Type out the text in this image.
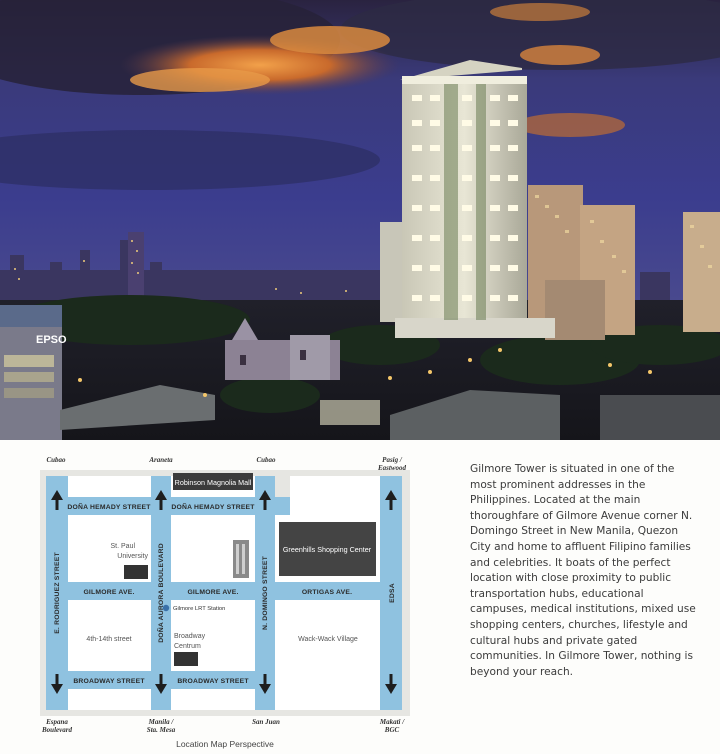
EPSO
Robinson Magnolia Mall
Greenhills Shopping Center
St. Paul
University
Gilmore LRT Station
Broadway
Centrum
4th-14th street	Wack-Wack Village
DOÑA HEMADY STREET	DOÑA HEMADY STREET
GILMORE AVE.	GILMORE AVE.	ORTIGAS AVE.
BROADWAY STREET	BROADWAY STREET
E. RODRIGUEZ STREET	DOÑA AURORA BOULEVARD	N. DOMINGO STREET	EDSA
Cubao	Araneta	Cubao	Pasig /
Eastwood
Espana
Boulevard
Manila /
Sta. Mesa
San Juan	Makati /
BGC
Location Map Perspective

Gilmore Tower is situated in one of the most prominent addresses in the Philippines. Located at the main thoroughfare of Gilmore Avenue corner N. Domingo Street in New Manila, Quezon City and home to affluent Filipino families and celebrities. It boats of the perfect location with close proximity to public transportation hubs, educational campuses, medical institutions, mixed use shopping centers, churches, lifestyle and cultural hubs and private gated communities. In Gilmore Tower, nothing is beyond your reach.
